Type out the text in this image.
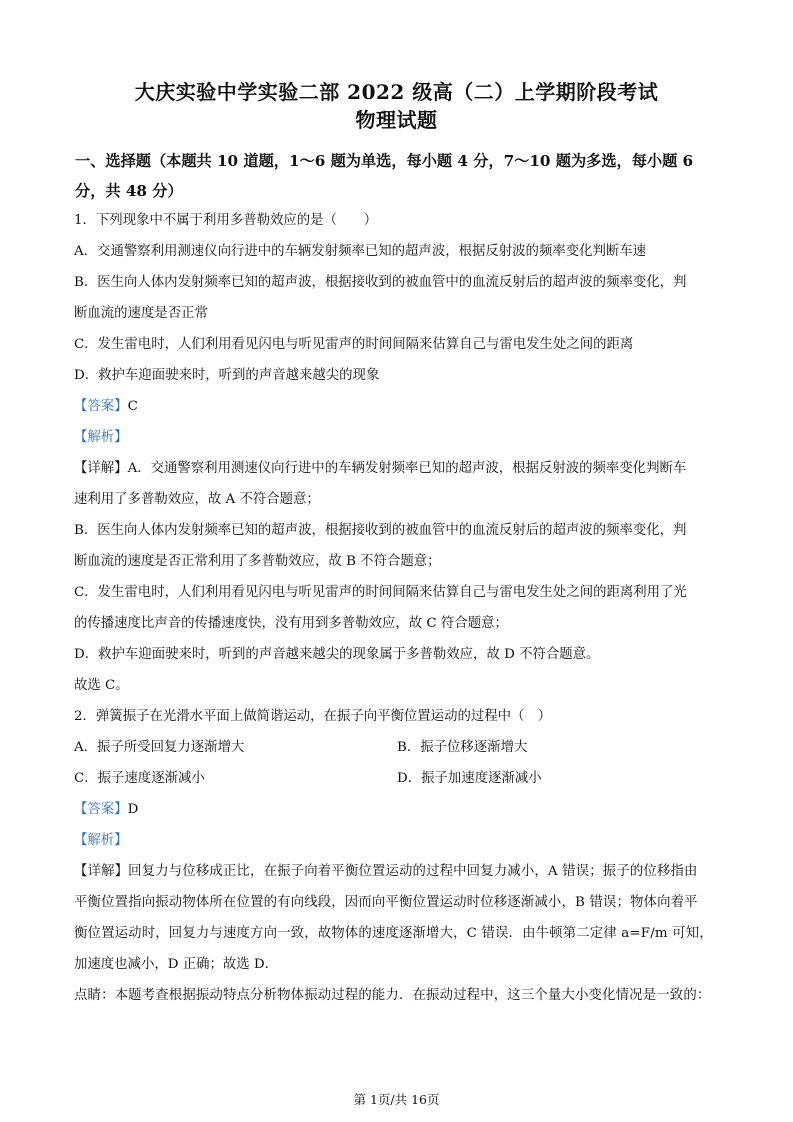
大庆实验中学实验二部 2022 级高（二）上学期阶段考试
物理试题
一、选择题（本题共 10 道题，1～6 题为单选，每小题 4 分，7～10 题为多选，每小题 6 分，共 48 分）
1．下列现象中不属于利用多普勒效应的是（　　）
A．交通警察利用测速仪向行进中的车辆发射频率已知的超声波，根据反射波的频率变化判断车速
B．医生向人体内发射频率已知的超声波，根据接收到的被血管中的血流反射后的超声波的频率变化，判
断血流的速度是否正常
C．发生雷电时，人们利用看见闪电与听见雷声的时间间隔来估算自己与雷电发生处之间的距离
D．救护车迎面驶来时，听到的声音越来越尖的现象
【答案】C
【解析】
【详解】A．交通警察利用测速仪向行进中的车辆发射频率已知的超声波，根据反射波的频率变化判断车
速利用了多普勒效应，故 A 不符合题意；
B．医生向人体内发射频率已知的超声波，根据接收到的被血管中的血流反射后的超声波的频率变化，判
断血流的速度是否正常利用了多普勒效应，故 B 不符合题意；
C．发生雷电时，人们利用看见闪电与听见雷声的时间间隔来估算自己与雷电发生处之间的距离利用了光
的传播速度比声音的传播速度快，没有用到多普勒效应，故 C 符合题意；
D．救护车迎面驶来时，听到的声音越来越尖的现象属于多普勒效应，故 D 不符合题意。
故选 C。
2．弹簧振子在光滑水平面上做简谐运动，在振子向平衡位置运动的过程中（　）
A．振子所受回复力逐渐增大	B．振子位移逐渐增大
C．振子速度逐渐减小	D．振子加速度逐渐减小
【答案】D
【解析】
【详解】回复力与位移成正比，在振子向着平衡位置运动的过程中回复力减小，A 错误；振子的位移指由
平衡位置指向振动物体所在位置的有向线段，因而向平衡位置运动时位移逐渐减小，B 错误；物体向着平
衡位置运动时，回复力与速度方向一致，故物体的速度逐渐增大，C 错误．由牛顿第二定律 a=F/m 可知，
加速度也减小，D 正确；故选 D．
点睛：本题考查根据振动特点分析物体振动过程的能力．在振动过程中，这三个量大小变化情况是一致的：
第 1页/共 16页
